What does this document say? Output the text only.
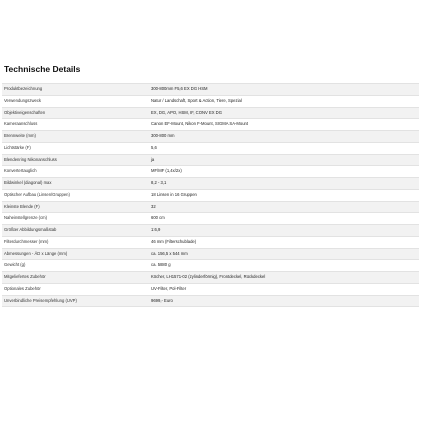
Technische Details
Produktbezeichnung	300-800mm F5,6 EX DG HSM
Verwendungszweck	Natur / Landschaft, Sport & Action, Tiere, Spezial
Objektiveigenschaften	EX, DG, APO, HSM, IF, CONV EX DG
Kameraanschluss	Canon EF-Mount, Nikon F-Mount, SIGMA SA-Mount
Brennweite (mm)	300-800 mm
Lichtstärke (F)	5,6
Blendenring Nikonanschluss	ja
Konvertertauglich	MF/MF (1,4x/2x)
Bildwinkel (diagonal) max	8,2 - 3,1
Optischer Aufbau (Linsen/Gruppen)	18 Linsen in 16 Gruppen
Kleinste Blende (F)	32
Naheinstellgrenze (cm)	600 cm
Größter Abbildungsmaßstab	1:6,9
Filterdurchmesser (mm)	46 mm (Filterschublade)
Abmessungen - ÄD x Länge (mm)	ca. 156,5 x 544 mm
Gewicht (g)	ca. 5880 g
Mitgeliefertes Zubehör	Köcher, LH1571-02 (zylinderförmig), Frontdeckel, Rückdeckel
Optionales Zubehör	UV-Filter, Pol-Filter
Unverbindliche Preisempfehlung (UVP)	9699,- Euro
